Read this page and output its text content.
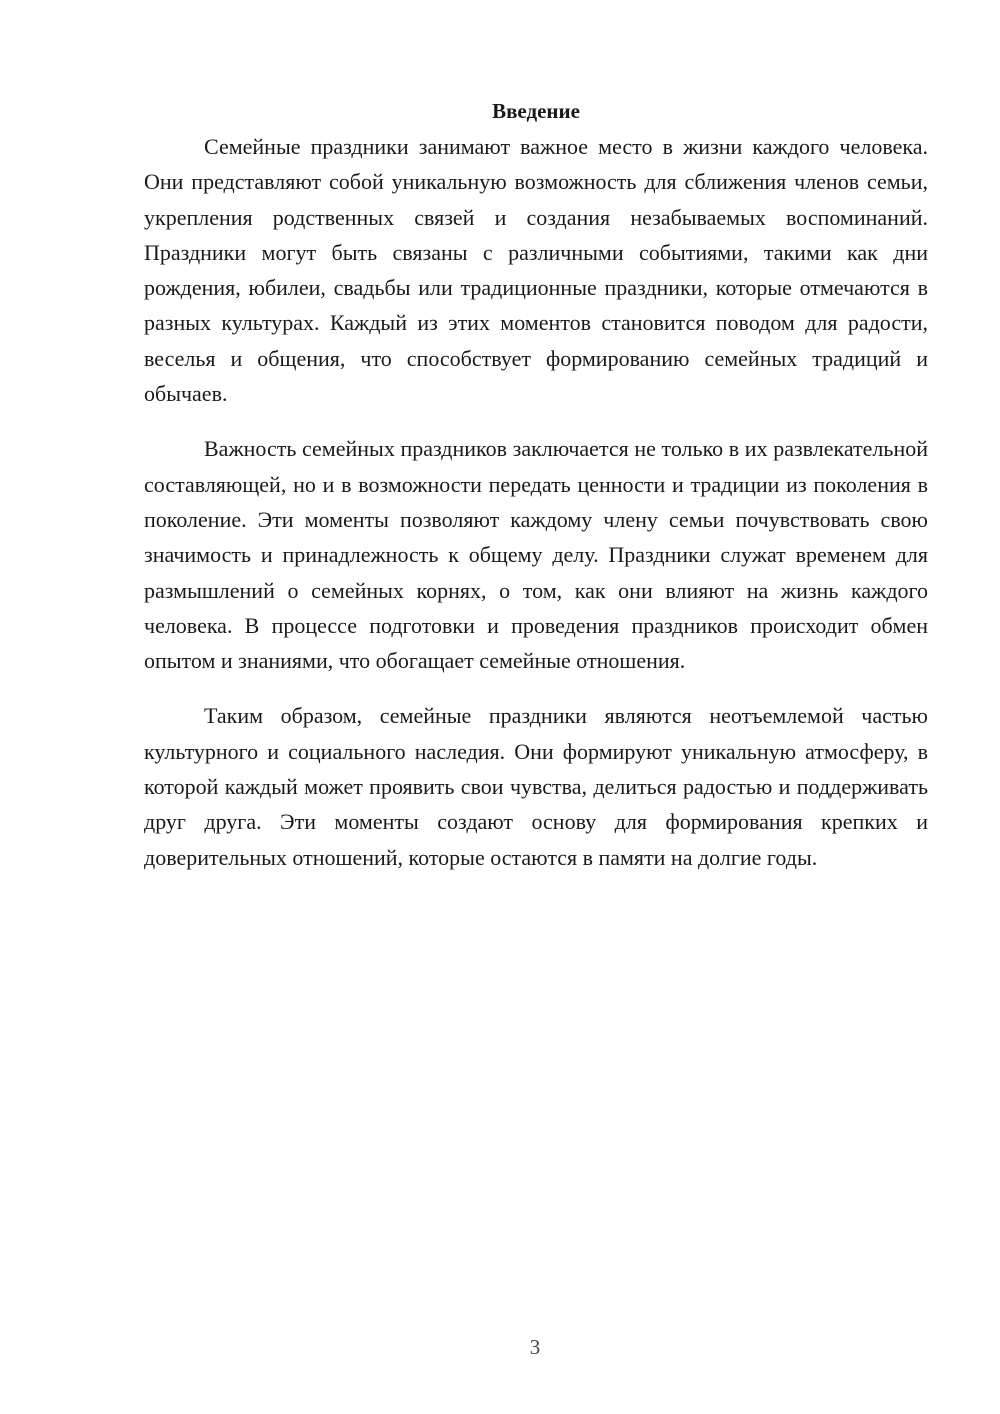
Введение

Семейные праздники занимают важное место в жизни каждого человека. Они представляют собой уникальную возможность для сближения членов семьи, укрепления родственных связей и создания незабываемых воспоминаний. Праздники могут быть связаны с различными событиями, такими как дни рождения, юбилеи, свадьбы или традиционные праздники, которые отмечаются в разных культурах. Каждый из этих моментов становится поводом для радости, веселья и общения, что способствует формированию семейных традиций и обычаев.

Важность семейных праздников заключается не только в их развлекательной составляющей, но и в возможности передать ценности и традиции из поколения в поколение. Эти моменты позволяют каждому члену семьи почувствовать свою значимость и принадлежность к общему делу. Праздники служат временем для размышлений о семейных корнях, о том, как они влияют на жизнь каждого человека. В процессе подготовки и проведения праздников происходит обмен опытом и знаниями, что обогащает семейные отношения.

Таким образом, семейные праздники являются неотъемлемой частью культурного и социального наследия. Они формируют уникальную атмосферу, в которой каждый может проявить свои чувства, делиться радостью и поддерживать друг друга. Эти моменты создают основу для формирования крепких и доверительных отношений, которые остаются в памяти на долгие годы.

3
